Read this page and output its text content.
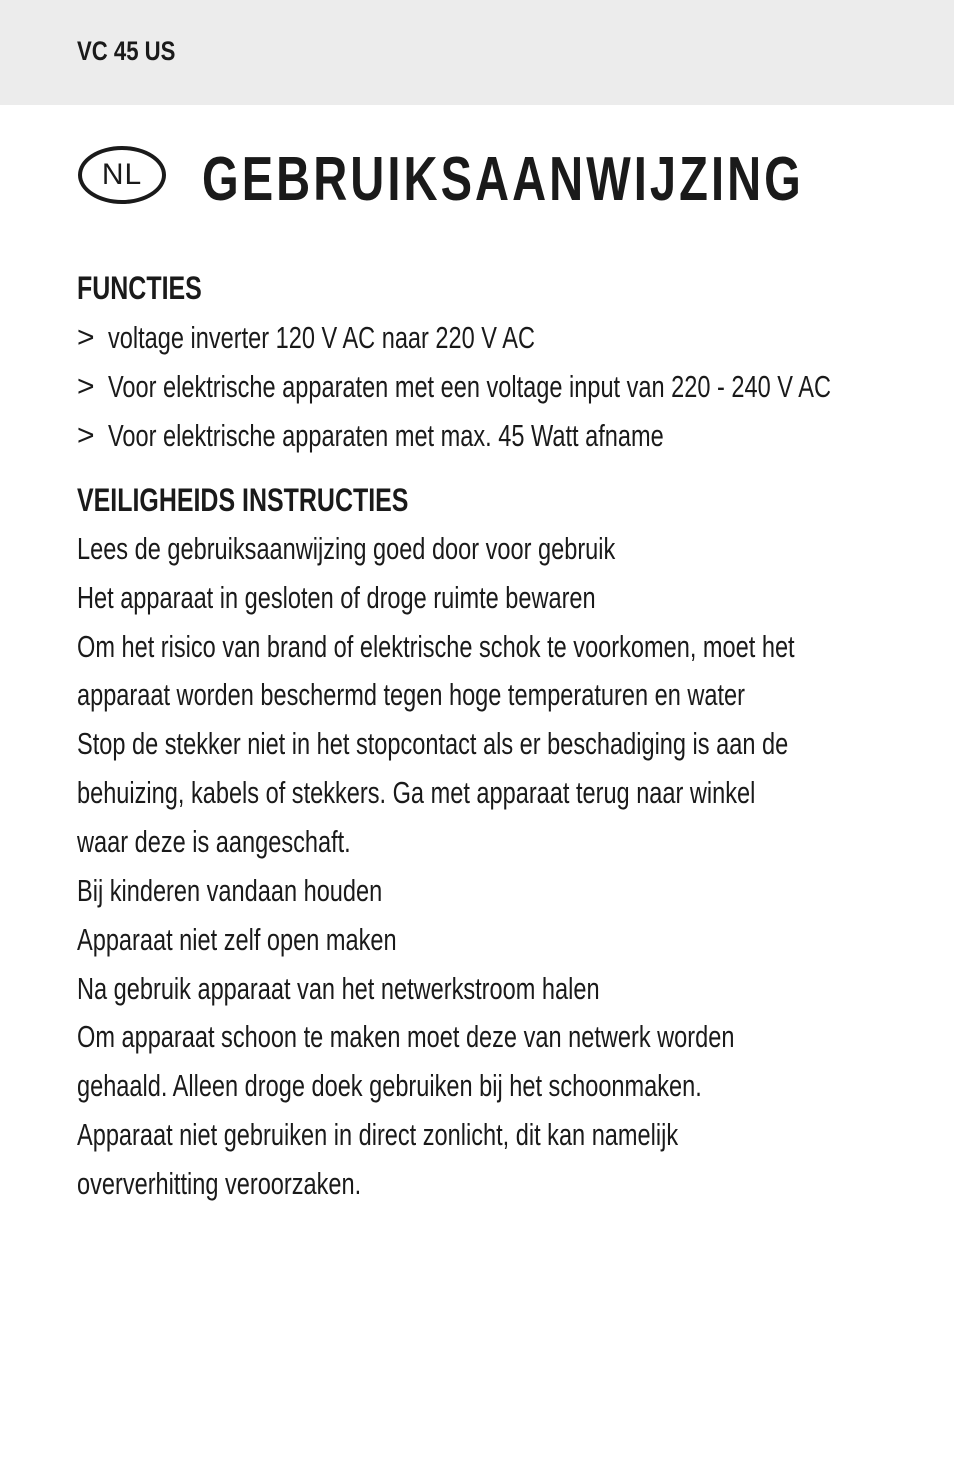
VC 45 US
NL GEBRUIKSAANWIJZING
FUNCTIES
> voltage inverter 120 V AC naar 220 V AC
> Voor elektrische apparaten met een voltage input van 220 - 240 V AC
> Voor elektrische apparaten met max. 45 Watt afname
VEILIGHEIDS INSTRUCTIES
Lees de gebruiksaanwijzing goed door voor gebruik
Het apparaat in gesloten of droge ruimte bewaren
Om het risico van brand of elektrische schok te voorkomen, moet het
apparaat worden beschermd tegen hoge temperaturen en water
Stop de stekker niet in het stopcontact als er beschadiging is aan de
behuizing, kabels of stekkers. Ga met apparaat terug naar winkel
waar deze is aangeschaft.
Bij kinderen vandaan houden
Apparaat niet zelf open maken
Na gebruik apparaat van het netwerkstroom halen
Om apparaat schoon te maken moet deze van netwerk worden
gehaald. Alleen droge doek gebruiken bij het schoonmaken.
Apparaat niet gebruiken in direct zonlicht, dit kan namelijk
oververhitting veroorzaken.
